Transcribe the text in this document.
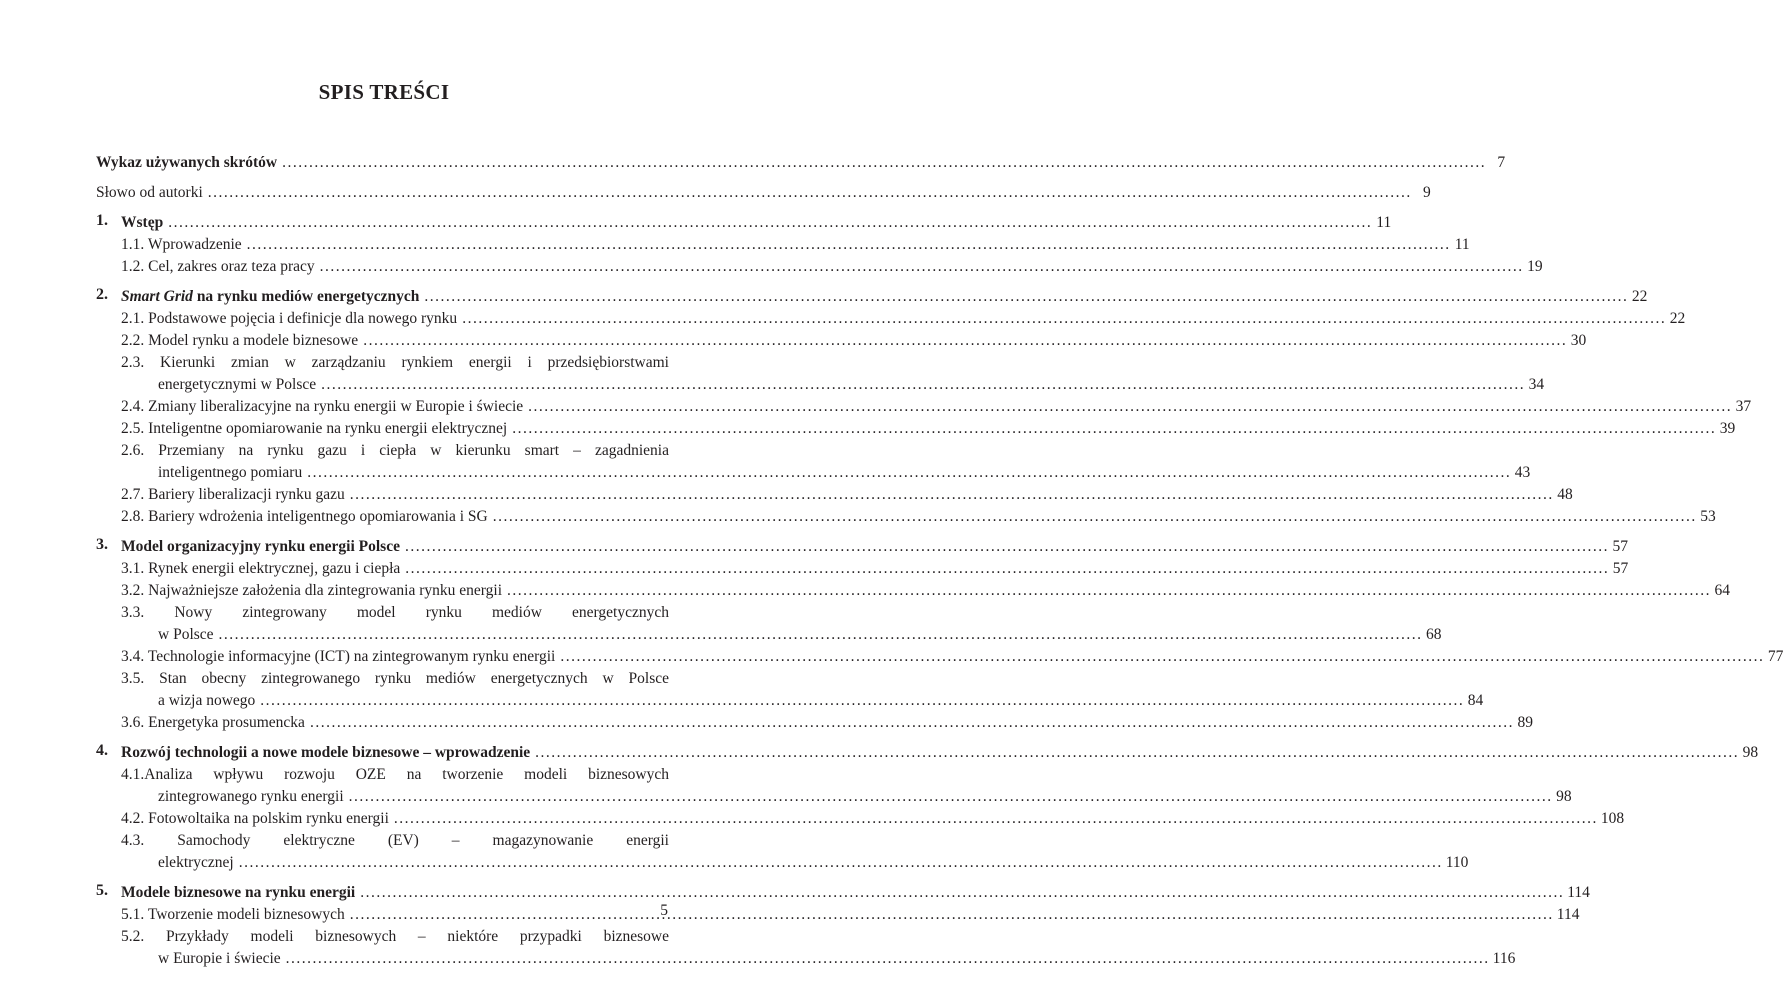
SPIS TREŚCI
Wykaz używanych skrótów .....	7
Słowo od autorki .....	9
1. Wstęp .....	11
1.1. Wprowadzenie .....	11
1.2. Cel, zakres oraz teza pracy .....	19
2. Smart Grid na rynku mediów energetycznych .....	22
2.1. Podstawowe pojęcia i definicje dla nowego rynku .....	22
2.2. Model rynku a modele biznesowe .....	30
2.3. Kierunki zmian w zarządzaniu rynkiem energii i przedsiębiorstwami
energetycznymi w Polsce .....	34
2.4. Zmiany liberalizacyjne na rynku energii w Europie i świecie .....	37
2.5. Inteligentne opomiarowanie na rynku energii elektrycznej .....	39
2.6. Przemiany na rynku gazu i ciepła w kierunku smart – zagadnienia
inteligentnego pomiaru .....	43
2.7. Bariery liberalizacji rynku gazu .....	48
2.8. Bariery wdrożenia inteligentnego opomiarowania i SG .....	53
3. Model organizacyjny rynku energii Polsce .....	57
3.1. Rynek energii elektrycznej, gazu i ciepła .....	57
3.2. Najważniejsze założenia dla zintegrowania rynku energii .....	64
3.3. Nowy zintegrowany model rynku mediów energetycznych
w Polsce .....	68
3.4. Technologie informacyjne (ICT) na zintegrowanym rynku energii .....	77
3.5. Stan obecny zintegrowanego rynku mediów energetycznych w Polsce
a wizja nowego .....	84
3.6. Energetyka prosumencka .....	89
4. Rozwój technologii a nowe modele biznesowe – wprowadzenie .....	98
4.1.Analiza wpływu rozwoju OZE na tworzenie modeli biznesowych
zintegrowanego rynku energii .....	98
4.2. Fotowoltaika na polskim rynku energii .....	108
4.3. Samochody elektryczne (EV) – magazynowanie energii
elektrycznej .....	110
5. Modele biznesowe na rynku energii .....	114
5.1. Tworzenie modeli biznesowych .....	114
5.2. Przykłady modeli biznesowych – niektóre przypadki biznesowe
w Europie i świecie .....	116
5
